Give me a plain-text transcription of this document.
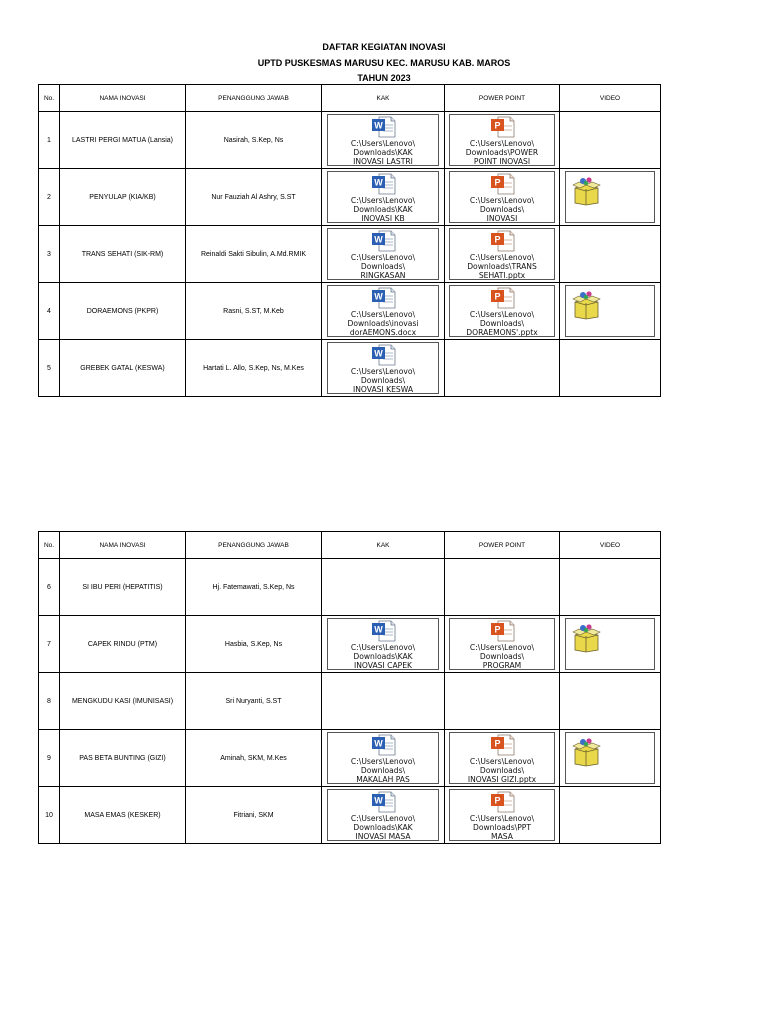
DAFTAR KEGIATAN INOVASI
UPTD PUSKESMAS MARUSU KEC. MARUSU KAB. MAROS
TAHUN 2023
No.	NAMA INOVASI	PENANGGUNG JAWAB	KAK	POWER POINT	VIDEO
1	LASTRI PERGI MATUA (Lansia)	Nasirah, S.Kep, Ns	W
C:\Users\Lenovo\
Downloads\KAK
INOVASI LASTRI	P
C:\Users\Lenovo\
Downloads\POWER
POINT INOVASI	

2	PENYULAP (KIA/KB)	Nur Fauziah Al Ashry, S.ST	W
C:\Users\Lenovo\
Downloads\KAK
INOVASI KB	P
C:\Users\Lenovo\
Downloads\
INOVASI

3	TRANS SEHATI (SIK-RM)	Reinaldi Sakti Sibulin, A.Md.RMIK	W
C:\Users\Lenovo\
Downloads\
RINGKASAN	P
C:\Users\Lenovo\
Downloads\TRANS
SEHATI.pptx	

4	DORAEMONS (PKPR)	Rasni, S.ST, M.Keb	W
C:\Users\Lenovo\
Downloads\inovasi
dorAEMONS.docx	P
C:\Users\Lenovo\
Downloads\
DORAEMONS'.pptx

5	GREBEK GATAL (KESWA)	Hartati L. Allo, S.Kep, Ns, M.Kes	W
C:\Users\Lenovo\
Downloads\
INOVASI KESWA		

No.	NAMA INOVASI	PENANGGUNG JAWAB	KAK	POWER POINT	VIDEO
6	SI IBU PERI (HEPATITIS)	Hj. Fatemawati, S.Kep, Ns			
7	CAPEK RINDU (PTM)	Hasbia, S.Kep, Ns	W
C:\Users\Lenovo\
Downloads\KAK
INOVASI CAPEK	P
C:\Users\Lenovo\
Downloads\
PROGRAM

8	MENGKUDU KASI (IMUNISASI)	Sri Nuryanti, S.ST			
9	PAS BETA BUNTING (GIZI)	Aminah, SKM, M.Kes	W
C:\Users\Lenovo\
Downloads\
MAKALAH PAS	P
C:\Users\Lenovo\
Downloads\
INOVASI GIZI.pptx

10	MASA EMAS (KESKER)	Fitriani, SKM	W
C:\Users\Lenovo\
Downloads\KAK
INOVASI MASA	P
C:\Users\Lenovo\
Downloads\PPT
MASA	
